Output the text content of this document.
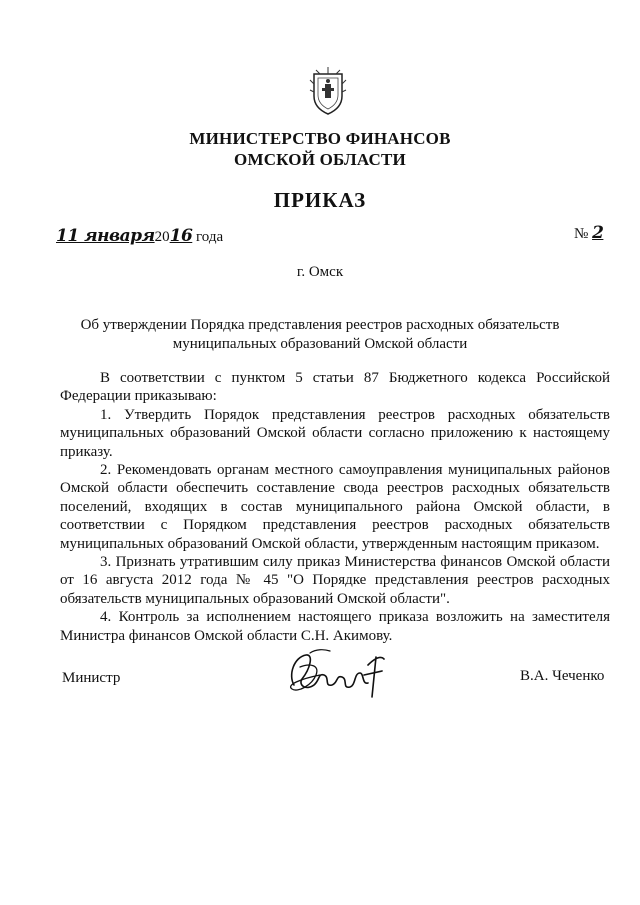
МИНИСТЕРСТВО ФИНАНСОВ
ОМСКОЙ ОБЛАСТИ
ПРИКАЗ
11 января2016 года	№ 2
г. Омск
Об утверждении Порядка представления реестров расходных обязательств
муниципальных образований Омской области

В соответствии с пунктом 5 статьи 87 Бюджетного кодекса Российской Федерации приказываю:

1. Утвердить Порядок представления реестров расходных обязательств муниципальных образований Омской области согласно приложению к настоящему приказу.

2. Рекомендовать органам местного самоуправления муниципальных районов Омской области обеспечить составление свода реестров расходных обязательств поселений, входящих в состав муниципального района Омской области, в соответствии с Порядком представления реестров расходных обязательств муниципальных образований Омской области, утвержденным настоящим приказом.

3. Признать утратившим силу приказ Министерства финансов Омской области от 16 августа 2012 года № 45 "О Порядке представления реестров расходных обязательств муниципальных образований Омской области".

4. Контроль за исполнением настоящего приказа возложить на заместителя Министра финансов Омской области С.Н. Акимову.

Министр	В.А. Чеченко
